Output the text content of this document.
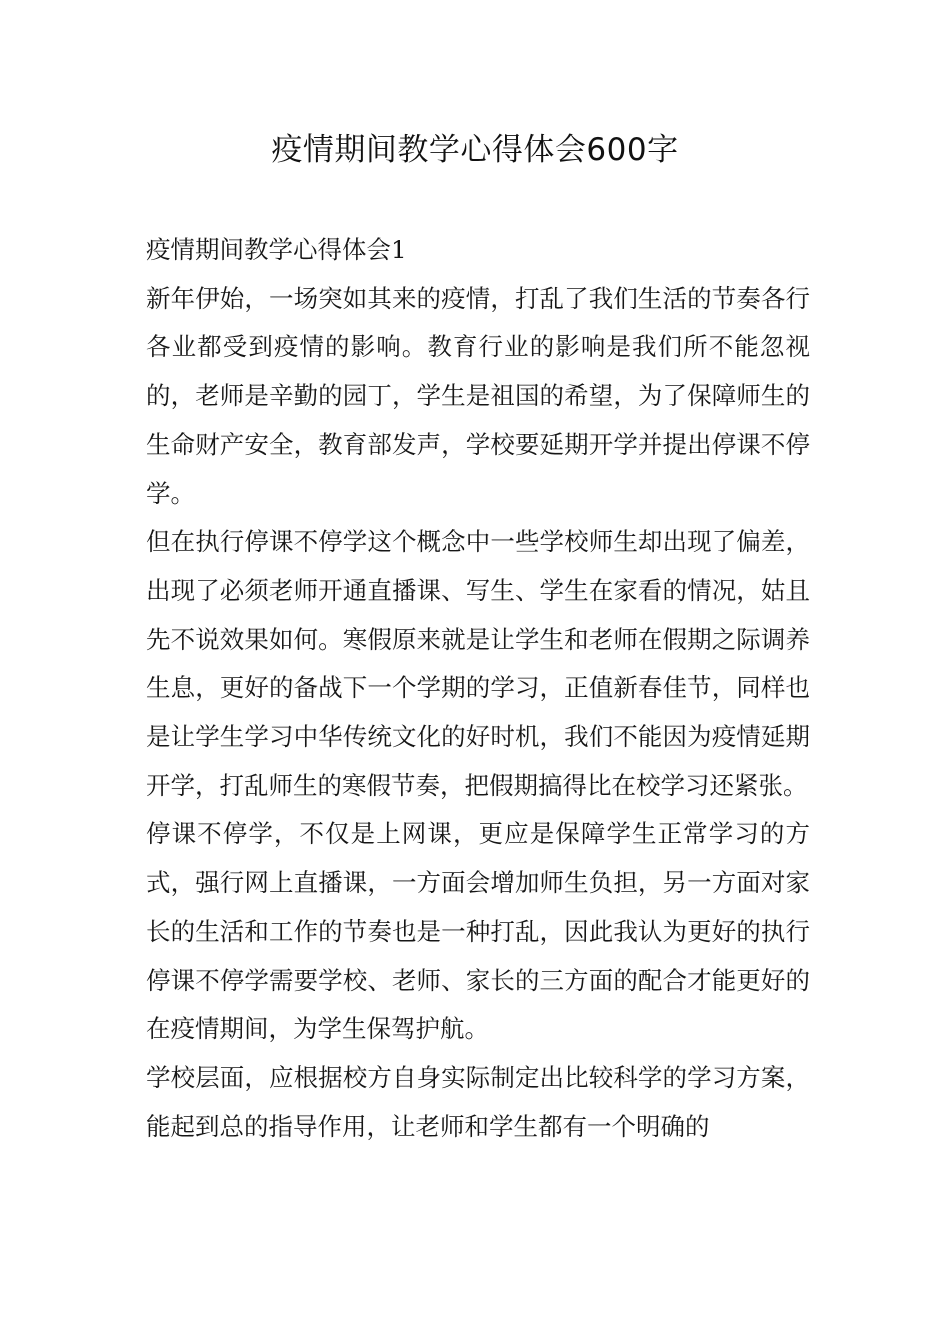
疫情期间教学心得体会600字

疫情期间教学心得体会1

新年伊始，一场突如其来的疫情，打乱了我们生活的节奏各行各业都受到疫情的影响。教育行业的影响是我们所不能忽视的，老师是辛勤的园丁，学生是祖国的希望，为了保障师生的生命财产安全，教育部发声，学校要延期开学并提出停课不停学。

但在执行停课不停学这个概念中一些学校师生却出现了偏差，出现了必须老师开通直播课、写生、学生在家看的情况，姑且先不说效果如何。寒假原来就是让学生和老师在假期之际调养生息，更好的备战下一个学期的学习，正值新春佳节，同样也是让学生学习中华传统文化的好时机，我们不能因为疫情延期开学，打乱师生的寒假节奏，把假期搞得比在校学习还紧张。

停课不停学，不仅是上网课，更应是保障学生正常学习的方式，强行网上直播课，一方面会增加师生负担，另一方面对家长的生活和工作的节奏也是一种打乱，因此我认为更好的执行停课不停学需要学校、老师、家长的三方面的配合才能更好的在疫情期间，为学生保驾护航。

学校层面，应根据校方自身实际制定出比较科学的学习方案，能起到总的指导作用，让老师和学生都有一个明确的
